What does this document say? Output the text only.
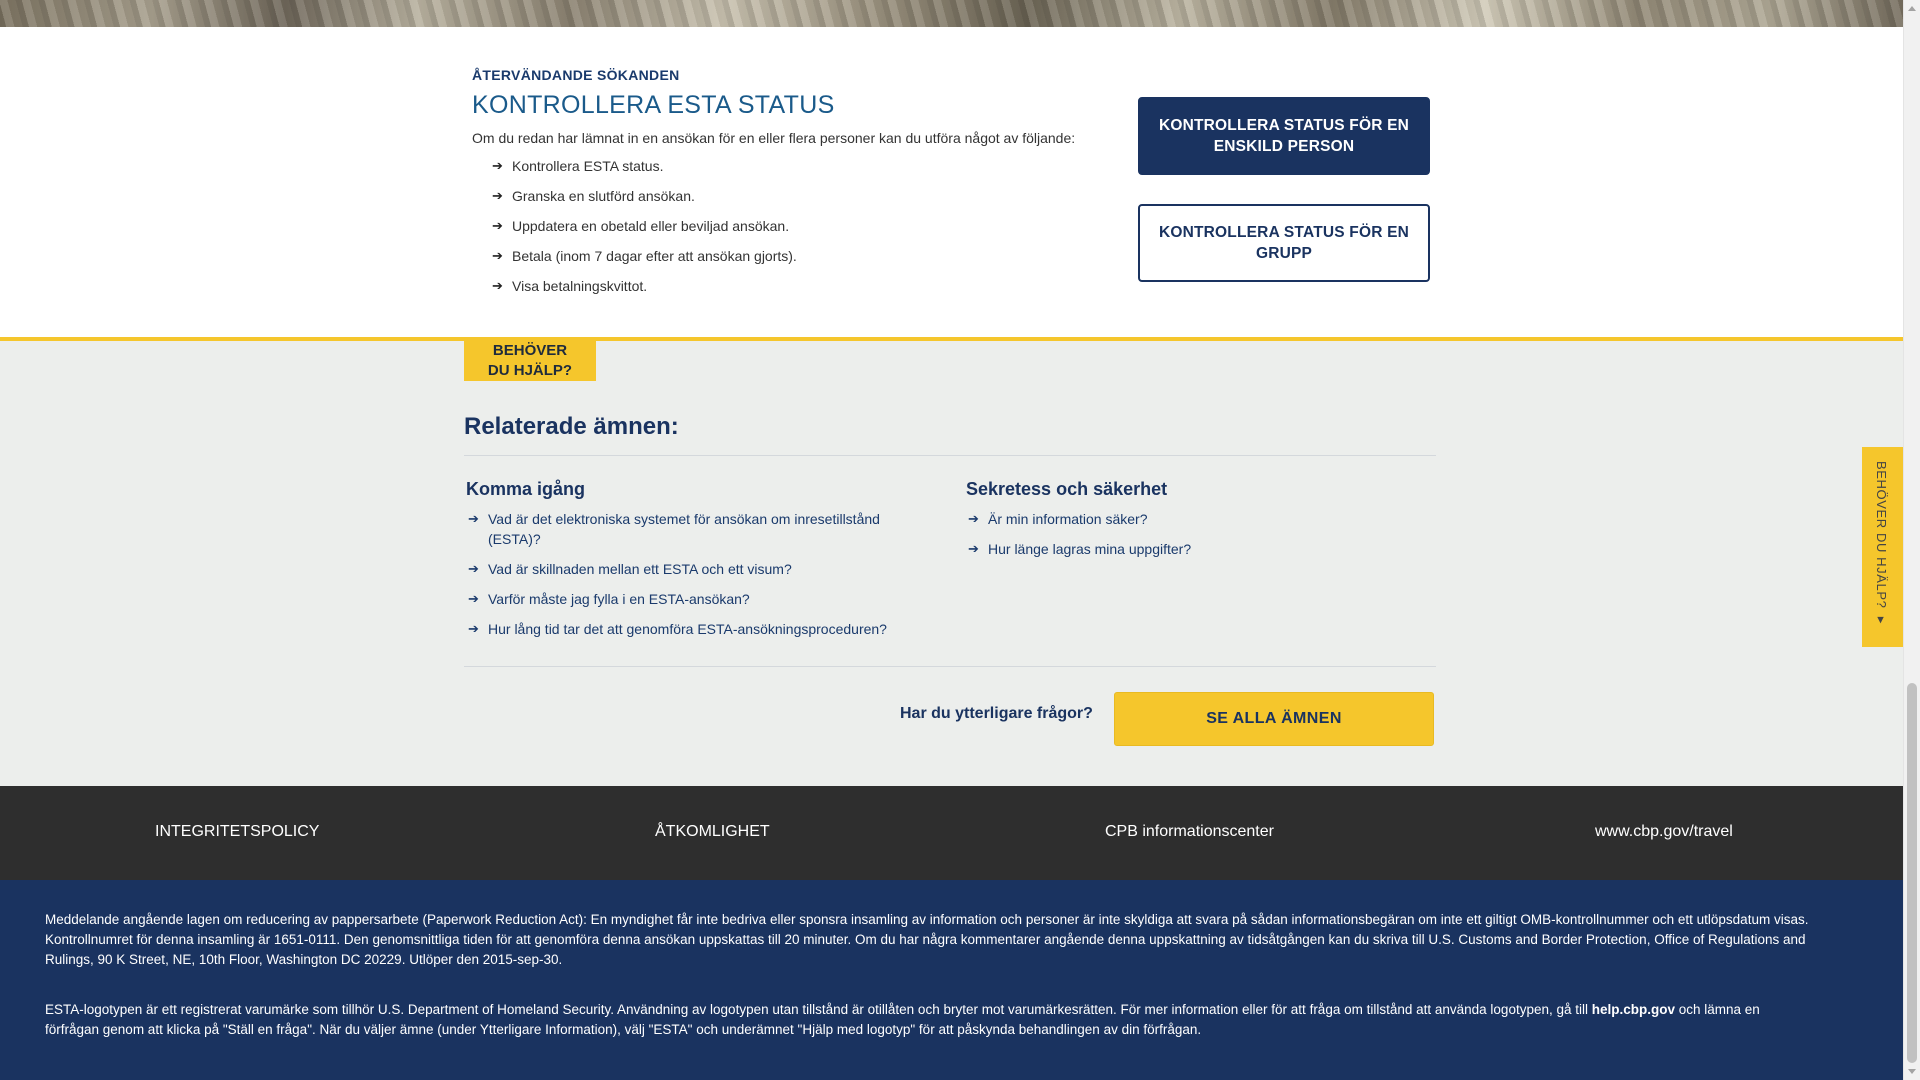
ÅTERVÄNDANDE SÖKANDEN
KONTROLLERA ESTA STATUS

Om du redan har lämnat in en ansökan för en eller flera personer kan du utföra något av följande:

➔ Kontrollera ESTA status.
➔ Granska en slutförd ansökan.
➔ Uppdatera en obetald eller beviljad ansökan.
➔ Betala (inom 7 dagar efter att ansökan gjorts).
➔ Visa betalningskvittot.
KONTROLLERA STATUS FÖR EN ENSKILD PERSON
KONTROLLERA STATUS FÖR EN GRUPP
BEHÖVER
DU HJÄLP?
Relaterade ämnen:
Komma igång
➔ Vad är det elektroniska systemet för ansökan om inresetillstånd (ESTA)?
➔ Vad är skillnaden mellan ett ESTA och ett visum?
➔ Varför måste jag fylla i en ESTA-ansökan?
➔ Hur lång tid tar det att genomföra ESTA-ansökningsproceduren?
Sekretess och säkerhet
➔ Är min information säker?
➔ Hur länge lagras mina uppgifter?
Har du ytterligare frågor?	SE ALLA ÄMNEN
INTEGRITETSPOLICY	ÅTKOMLIGHET	CPB informationscenter	www.cbp.gov/travel

Meddelande angående lagen om reducering av pappersarbete (Paperwork Reduction Act): En myndighet får inte bedriva eller sponsra insamling av information och personer är inte skyldiga att svara på sådan informationsbegäran om inte ett giltigt OMB-kontrollnummer och ett utlöpsdatum visas. Kontrollnumret för denna insamling är 1651-0111. Den genomsnittliga tiden för att genomföra denna ansökan uppskattas till 20 minuter. Om du har några kommentarer angående denna uppskattning av tidsåtgången kan du skriva till U.S. Customs and Border Protection, Office of Regulations and Rulings, 90 K Street, NE, 10th Floor, Washington DC 20229. Utlöper den 2015-sep-30.

ESTA-logotypen är ett registrerat varumärke som tillhör U.S. Department of Homeland Security. Användning av logotypen utan tillstånd är otillåten och bryter mot varumärkesrätten. För mer information eller för att fråga om tillstånd att använda logotypen, gå till help.cbp.gov och lämna en förfrågan genom att klicka på "Ställ en fråga". När du väljer ämne (under Ytterligare Information), välj "ESTA" och underämnet "Hjälp med logotyp" för att påskynda behandlingen av din förfrågan.

BEHÖVER DU HJÄLP? ▾
